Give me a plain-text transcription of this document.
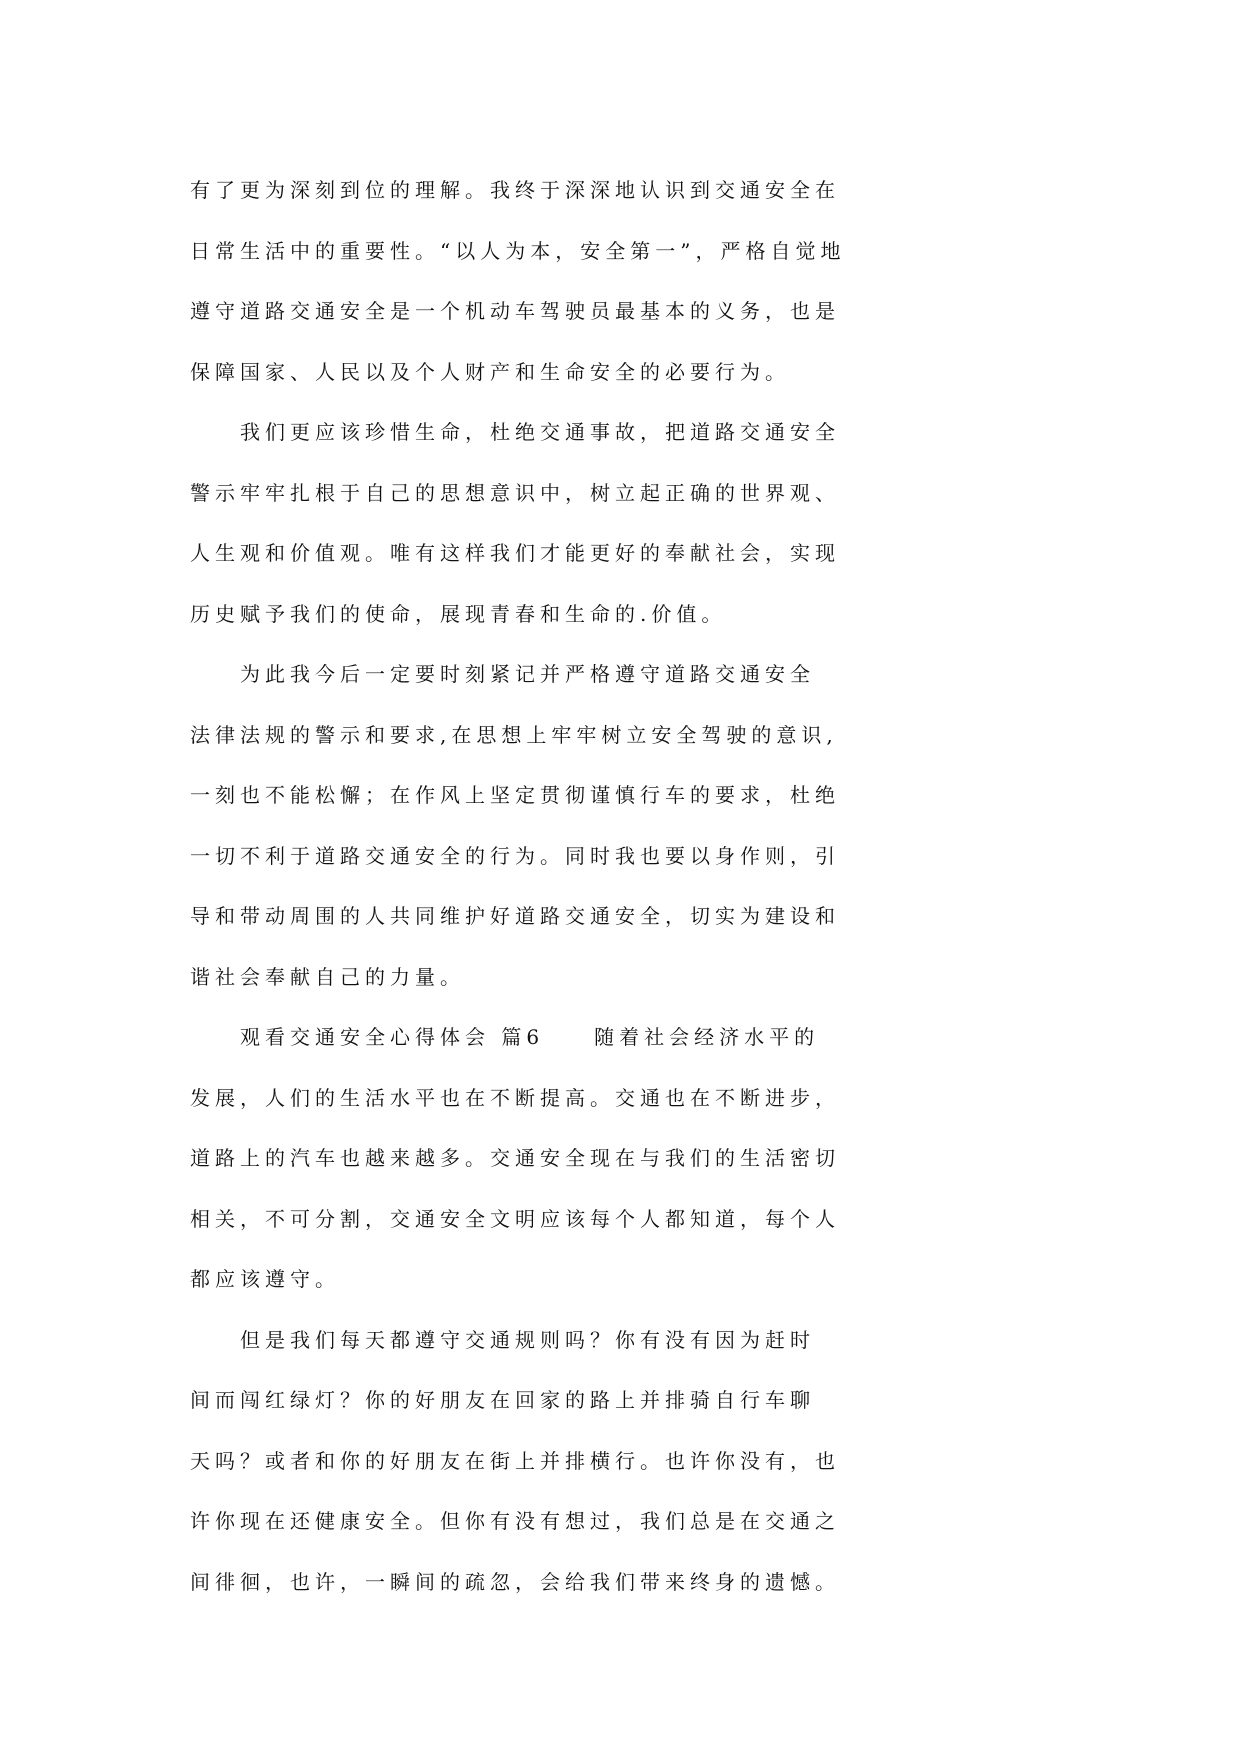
有了更为深刻到位的理解。我终于深深地认识到交通安全在
日常生活中的重要性。“以人为本，安全第一”，严格自觉地
遵守道路交通安全是一个机动车驾驶员最基本的义务，也是
保障国家、人民以及个人财产和生命安全的必要行为。
　　我们更应该珍惜生命，杜绝交通事故，把道路交通安全
警示牢牢扎根于自己的思想意识中，树立起正确的世界观、
人生观和价值观。唯有这样我们才能更好的奉献社会，实现
历史赋予我们的使命，展现青春和生命的.价值。
　　为此我今后一定要时刻紧记并严格遵守道路交通安全
法律法规的警示和要求,在思想上牢牢树立安全驾驶的意识,
一刻也不能松懈；在作风上坚定贯彻谨慎行车的要求，杜绝
一切不利于道路交通安全的行为。同时我也要以身作则，引
导和带动周围的人共同维护好道路交通安全，切实为建设和
谐社会奉献自己的力量。
　　观看交通安全心得体会 篇6　　随着社会经济水平的
发展，人们的生活水平也在不断提高。交通也在不断进步，
道路上的汽车也越来越多。交通安全现在与我们的生活密切
相关，不可分割，交通安全文明应该每个人都知道，每个人
都应该遵守。
　　但是我们每天都遵守交通规则吗？你有没有因为赶时
间而闯红绿灯？你的好朋友在回家的路上并排骑自行车聊
天吗？或者和你的好朋友在街上并排横行。也许你没有，也
许你现在还健康安全。但你有没有想过，我们总是在交通之
间徘徊，也许，一瞬间的疏忽，会给我们带来终身的遗憾。
